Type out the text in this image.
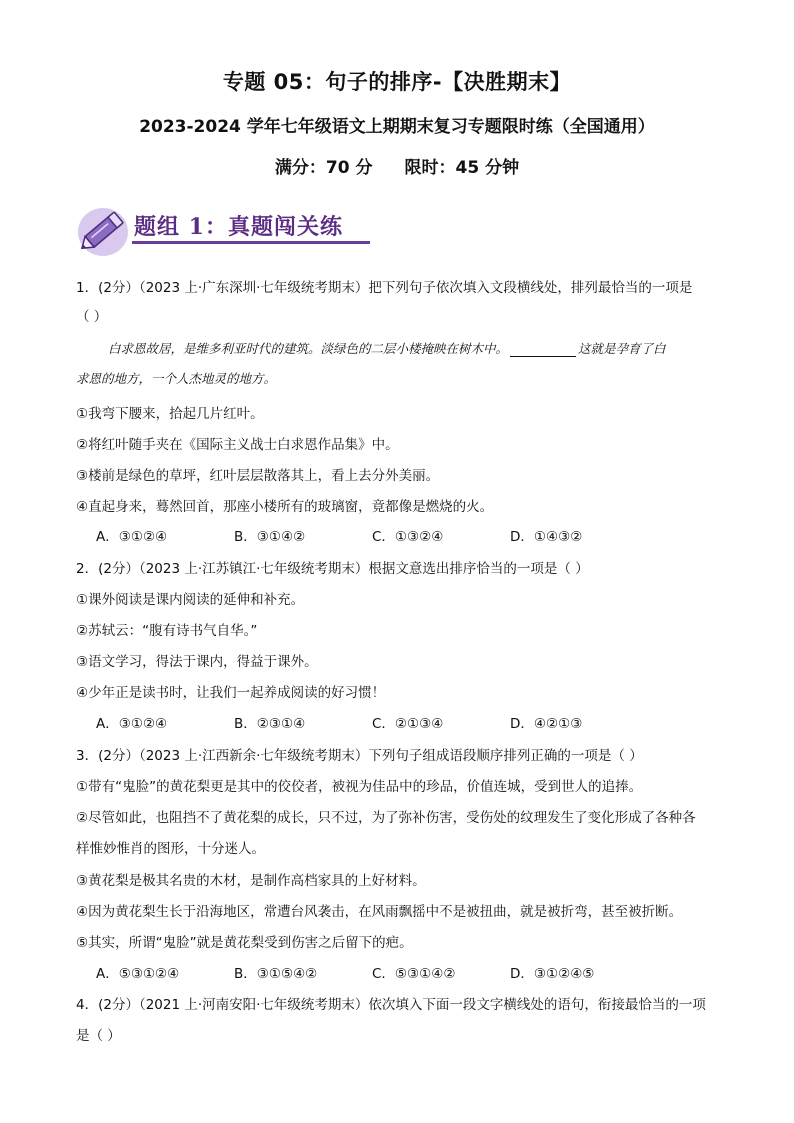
专题 05：句子的排序-【决胜期末】
2023-2024 学年七年级语文上期期末复习专题限时练（全国通用）
满分：70 分 限时：45 分钟
题组 1：真题闯关练
1．(2分）（2023 上·广东深圳·七年级统考期末）把下列句子依次填入文段横线处，排列最恰当的一项是
（ ）
白求恩故居，是维多利亚时代的建筑。淡绿色的二层小楼掩映在树木中。	这就是孕育了白
求恩的地方，一个人杰地灵的地方。
①我弯下腰来，拾起几片红叶。
②将红叶随手夹在《国际主义战士白求恩作品集》中。
③楼前是绿色的草坪，红叶层层散落其上，看上去分外美丽。
④直起身来，蓦然回首，那座小楼所有的玻璃窗，竟都像是燃烧的火。
A．③①②④	B．③①④②	C．①③②④	D．①④③②
2．(2分）（2023 上·江苏镇江·七年级统考期末）根据文意选出排序恰当的一项是（ ）
①课外阅读是课内阅读的延伸和补充。
②苏轼云：“腹有诗书气自华。”
③语文学习，得法于课内，得益于课外。
④少年正是读书时，让我们一起养成阅读的好习惯！
A．③①②④	B．②③①④	C．②①③④	D．④②①③
3．(2分）（2023 上·江西新余·七年级统考期末）下列句子组成语段顺序排列正确的一项是（ ）
①带有“鬼脸”的黄花梨更是其中的佼佼者，被视为佳品中的珍品，价值连城，受到世人的追捧。
②尽管如此，也阻挡不了黄花梨的成长，只不过，为了弥补伤害，受伤处的纹理发生了变化形成了各种各
样惟妙惟肖的图形，十分迷人。
③黄花梨是极其名贵的木材，是制作高档家具的上好材料。
④因为黄花梨生长于沿海地区，常遭台风袭击，在风雨飘摇中不是被扭曲，就是被折弯，甚至被折断。
⑤其实，所谓“鬼脸”就是黄花梨受到伤害之后留下的疤。
A．⑤③①②④	B．③①⑤④②	C．⑤③①④②	D．③①②④⑤
4．(2分）（2021 上·河南安阳·七年级统考期末）依次填入下面一段文字横线处的语句，衔接最恰当的一项
是（ ）
